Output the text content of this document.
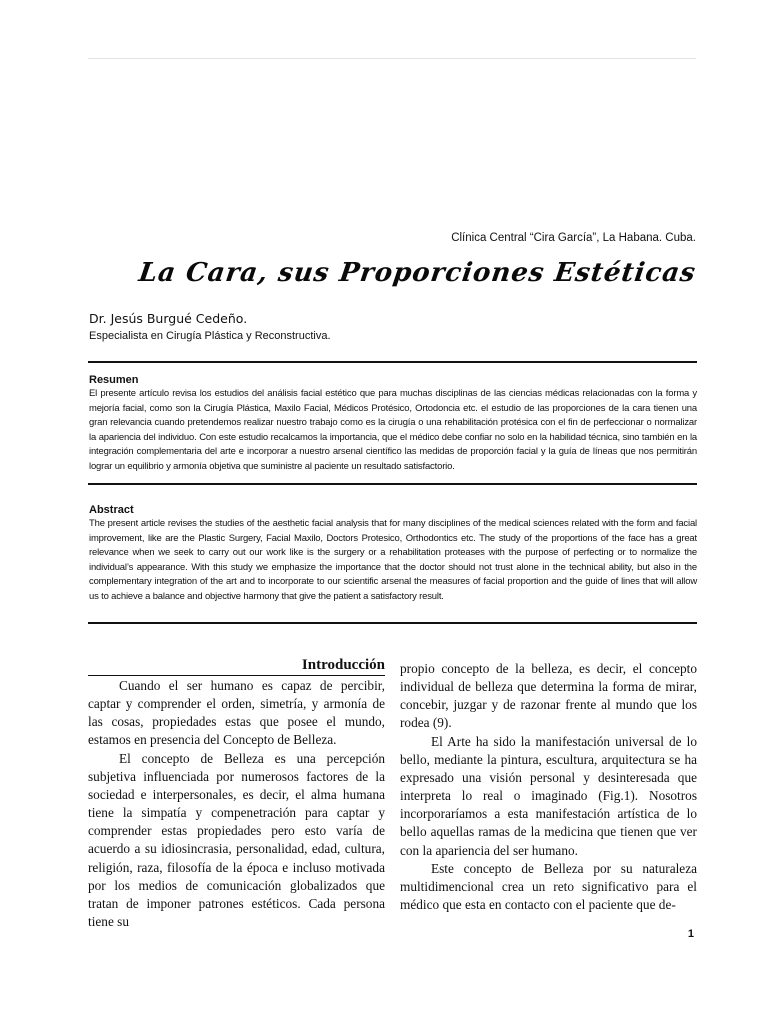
Clínica Central “Cira García”, La Habana. Cuba.
La Cara, sus Proporciones Estéticas
Dr. Jesús Burgué Cedeño.
Especialista en Cirugía Plástica y Reconstructiva.
Resumen

El presente artículo revisa los estudios del análisis facial estético que para muchas disciplinas de las ciencias médicas relacionadas con la forma y mejoría facial, como son la Cirugía Plástica, Maxilo Facial, Médicos Protésico, Ortodoncia etc. el estudio de las proporciones de la cara tienen una gran relevancia cuando pretendemos realizar nuestro trabajo como es la cirugía o una rehabilitación protésica con el fin de perfeccionar o normalizar la apariencia del individuo. Con este estudio recalcamos la importancia, que el médico debe confiar no solo en la habilidad técnica, sino también en la integración complementaria del arte e incorporar a nuestro arsenal científico las medidas de proporción facial y la guía de líneas que nos permitirán lograr un equilibrio y armonía objetiva que suministre al paciente un resultado satisfactorio.

Abstract

The present article revises the studies of the aesthetic facial analysis that for many disciplines of the medical sciences related with the form and facial improvement, like are the Plastic Surgery, Facial Maxilo, Doctors Protesico, Orthodontics etc. The study of the proportions of the face has a great relevance when we seek to carry out our work like is the surgery or a rehabilitation proteases with the purpose of perfecting or to normalize the individual’s appearance. With this study we emphasize the importance that the doctor should not trust alone in the technical ability, but also in the complementary integration of the art and to incorporate to our scientific arsenal the measures of facial proportion and the guide of lines that will allow us to achieve a balance and objective harmony that give the patient a satisfactory result.

Introducción

Cuando el ser humano es capaz de percibir, captar y comprender el orden, simetría, y armonía de las cosas, propiedades estas que posee el mundo, estamos en presencia del Concepto de Belleza.

El concepto de Belleza es una percepción subjetiva influenciada por numerosos factores de la sociedad e interpersonales, es decir, el alma humana tiene la simpatía y compenetración para captar y comprender estas propiedades pero esto varía de acuerdo a su idiosincrasia, personalidad, edad, cultura, religión, raza, filosofía de la época e incluso motivada por los medios de comunicación globalizados que tratan de imponer patrones estéticos. Cada persona tiene su

propio concepto de la belleza, es decir, el concepto individual de belleza que determina la forma de mirar, concebir, juzgar y de razonar frente al mundo que los rodea (9).

El Arte ha sido la manifestación universal de lo bello, mediante la pintura, escultura, arquitectura se ha expresado una visión personal y desinteresada que interpreta lo real o imaginado (Fig.1). Nosotros incorporaríamos a esta manifestación artística de lo bello aquellas ramas de la medicina que tienen que ver con la apariencia del ser humano.

Este concepto de Belleza por su naturaleza multidimencional crea un reto significativo para el médico que esta en contacto con el paciente que de-

1
